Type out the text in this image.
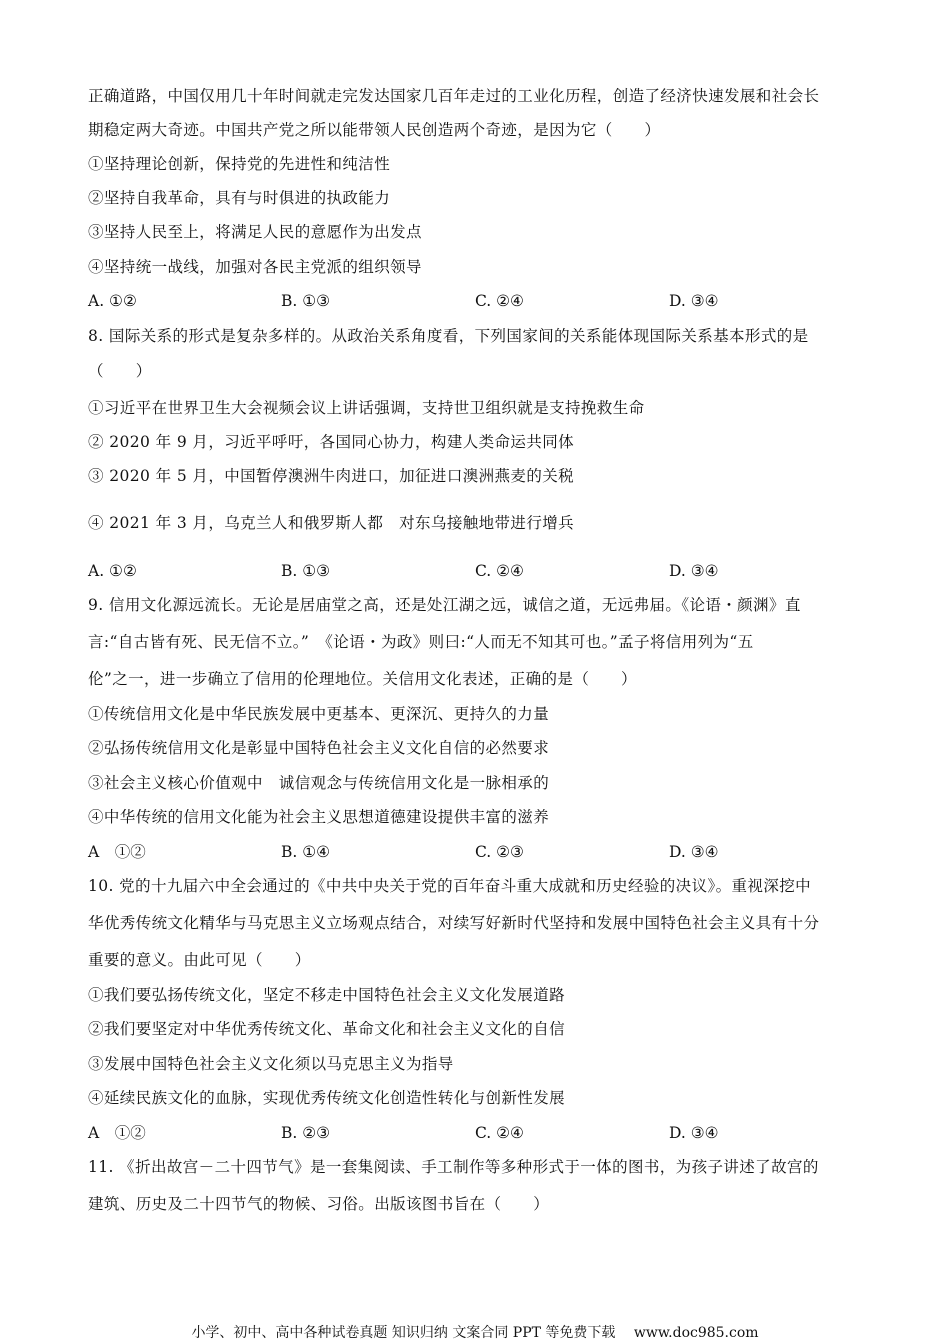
正确道路，中国仅用几十年时间就走完发达国家几百年走过的工业化历程，创造了经济快速发展和社会长
期稳定两大奇迹。中国共产党之所以能带领人民创造两个奇迹，是因为它（　　）
①坚持理论创新，保持党的先进性和纯洁性
②坚持自我革命，具有与时俱进的执政能力
③坚持人民至上，将满足人民的意愿作为出发点
④坚持统一战线，加强对各民主党派的组织领导
A. ①②	B. ①③	C. ②④	D. ③④
8. 国际关系的形式是复杂多样的。从政治关系角度看，下列国家间的关系能体现国际关系基本形式的是
（　　）
①习近平在世界卫生大会视频会议上讲话强调，支持世卫组织就是支持挽救生命
② 2020 年 9 月，习近平呼吁，各国同心协力，构建人类命运共同体
③ 2020 年 5 月，中国暂停澳洲牛肉进口，加征进口澳洲燕麦的关税
④ 2021 年 3 月，乌克兰人和俄罗斯人都　对东乌接触地带进行增兵
A. ①②	B. ①③	C. ②④	D. ③④
9. 信用文化源远流长。无论是居庙堂之高，还是处江湖之远，诚信之道，无远弗届。《论语・颜渊》直
言:“自古皆有死、民无信不立。”　《论语・为政》则曰:“人而无不知其可也。”孟子将信用列为“五
伦”之一，进一步确立了信用的伦理地位。关信用文化表述，正确的是（　　）
①传统信用文化是中华民族发展中更基本、更深沉、更持久的力量
②弘扬传统信用文化是彰显中国特色社会主义文化自信的必然要求
③社会主义核心价值观中　诚信观念与传统信用文化是一脉相承的
④中华传统的信用文化能为社会主义思想道德建设提供丰富的滋养
A　①②	B. ①④	C. ②③	D. ③④
10. 党的十九届六中全会通过的《中共中央关于党的百年奋斗重大成就和历史经验的决议》。重视深挖中
华优秀传统文化精华与马克思主义立场观点结合，对续写好新时代坚持和发展中国特色社会主义具有十分
重要的意义。由此可见（　　）
①我们要弘扬传统文化，坚定不移走中国特色社会主义文化发展道路
②我们要坚定对中华优秀传统文化、革命文化和社会主义文化的自信
③发展中国特色社会主义文化须以马克思主义为指导
④延续民族文化的血脉，实现优秀传统文化创造性转化与创新性发展
A　①②	B. ②③	C. ②④	D. ③④
11. 《折出故宫－二十四节气》是一套集阅读、手工制作等多种形式于一体的图书，为孩子讲述了故宫的
建筑、历史及二十四节气的物候、习俗。出版该图书旨在（　　）
小学、初中、高中各种试卷真题 知识归纳 文案合同 PPT 等免费下载　 www.doc985.com
